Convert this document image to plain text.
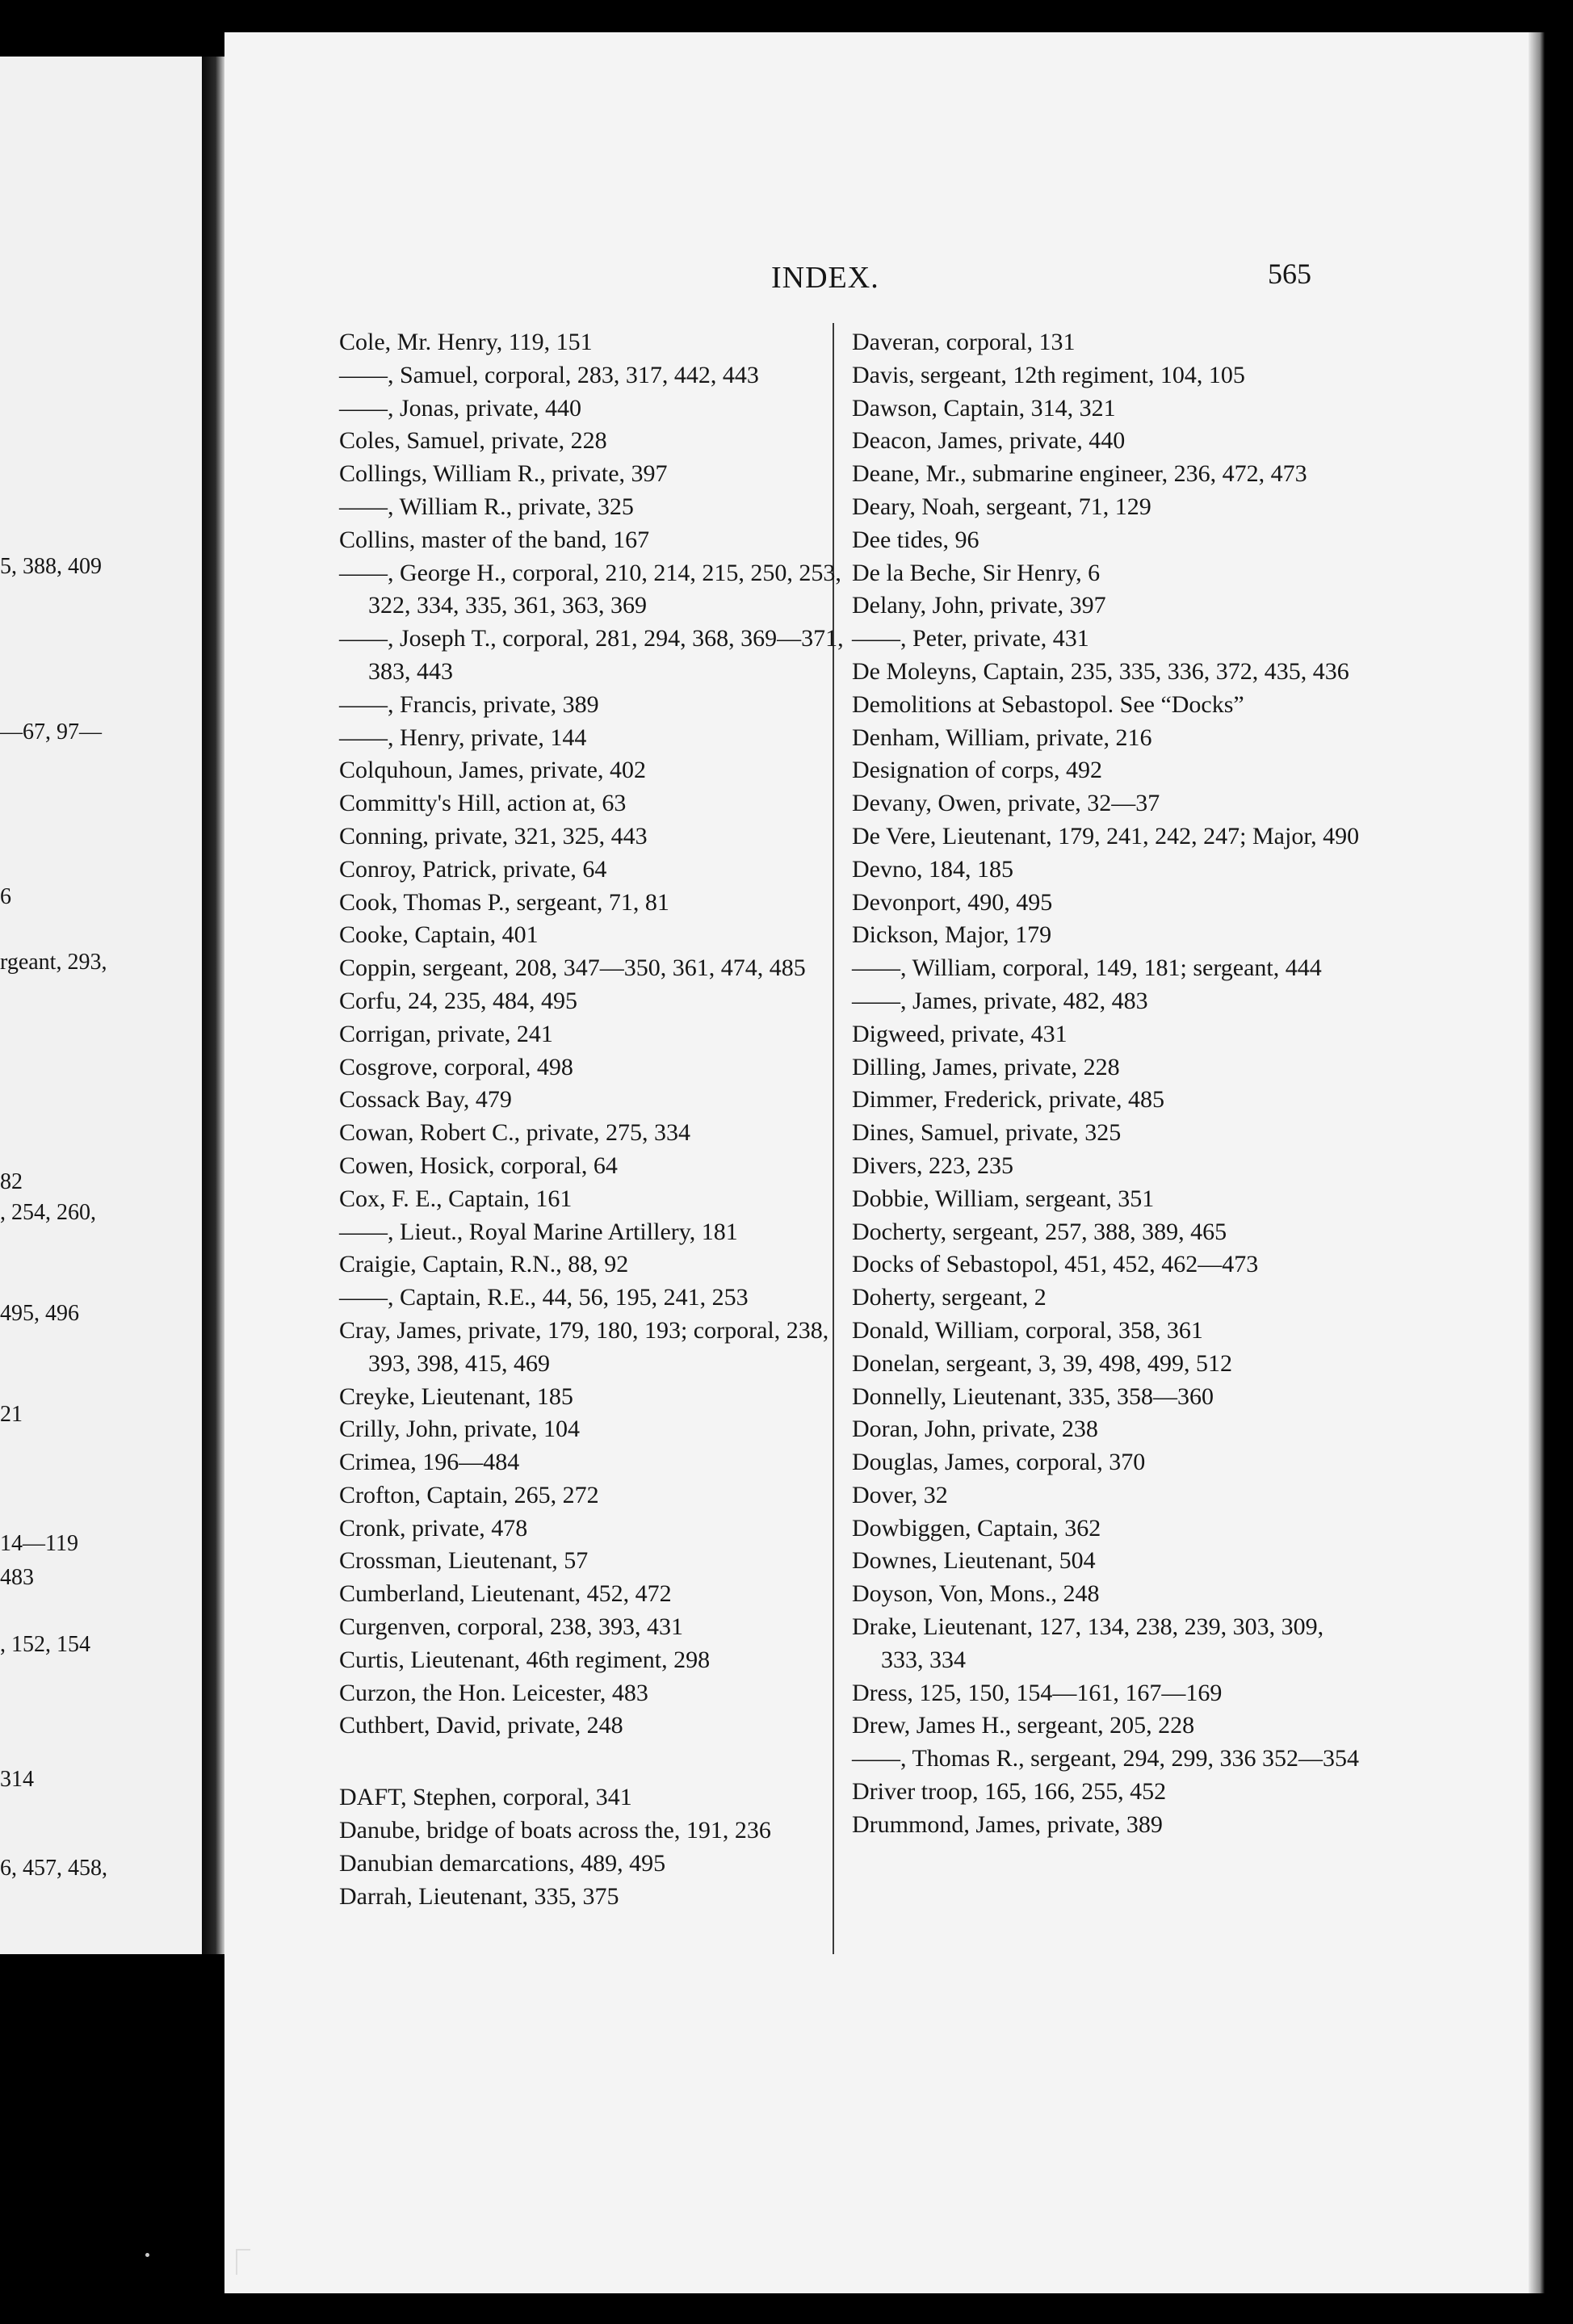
5, 388, 409
—67, 97—
6
rgeant, 293,
82
, 254, 260,
495, 496
21
14—119
483
, 152, 154
314
6, 457, 458,
INDEX.	565
Cole, Mr. Henry, 119, 151
——, Samuel, corporal, 283, 317, 442, 443
——, Jonas, private, 440
Coles, Samuel, private, 228
Collings, William R., private, 397
——, William R., private, 325
Collins, master of the band, 167
——, George H., corporal, 210, 214, 215, 250, 253, 322, 334, 335, 361, 363, 369
——, Joseph T., corporal, 281, 294, 368, 369—371, 383, 443
——, Francis, private, 389
——, Henry, private, 144
Colquhoun, James, private, 402
Committy's Hill, action at, 63
Conning, private, 321, 325, 443
Conroy, Patrick, private, 64
Cook, Thomas P., sergeant, 71, 81
Cooke, Captain, 401
Coppin, sergeant, 208, 347—350, 361, 474, 485
Corfu, 24, 235, 484, 495
Corrigan, private, 241
Cosgrove, corporal, 498
Cossack Bay, 479
Cowan, Robert C., private, 275, 334
Cowen, Hosick, corporal, 64
Cox, F. E., Captain, 161
——, Lieut., Royal Marine Artillery, 181
Craigie, Captain, R.N., 88, 92
——, Captain, R.E., 44, 56, 195, 241, 253
Cray, James, private, 179, 180, 193; corporal, 238, 393, 398, 415, 469
Creyke, Lieutenant, 185
Crilly, John, private, 104
Crimea, 196—484
Crofton, Captain, 265, 272
Cronk, private, 478
Crossman, Lieutenant, 57
Cumberland, Lieutenant, 452, 472
Curgenven, corporal, 238, 393, 431
Curtis, Lieutenant, 46th regiment, 298
Curzon, the Hon. Leicester, 483
Cuthbert, David, private, 248
DAFT, Stephen, corporal, 341
Danube, bridge of boats across the, 191, 236
Danubian demarcations, 489, 495
Darrah, Lieutenant, 335, 375
Daveran, corporal, 131
Davis, sergeant, 12th regiment, 104, 105
Dawson, Captain, 314, 321
Deacon, James, private, 440
Deane, Mr., submarine engineer, 236, 472, 473
Deary, Noah, sergeant, 71, 129
Dee tides, 96
De la Beche, Sir Henry, 6
Delany, John, private, 397
——, Peter, private, 431
De Moleyns, Captain, 235, 335, 336, 372, 435, 436
Demolitions at Sebastopol. See “Docks”
Denham, William, private, 216
Designation of corps, 492
Devany, Owen, private, 32—37
De Vere, Lieutenant, 179, 241, 242, 247; Major, 490
Devno, 184, 185
Devonport, 490, 495
Dickson, Major, 179
——, William, corporal, 149, 181; sergeant, 444
——, James, private, 482, 483
Digweed, private, 431
Dilling, James, private, 228
Dimmer, Frederick, private, 485
Dines, Samuel, private, 325
Divers, 223, 235
Dobbie, William, sergeant, 351
Docherty, sergeant, 257, 388, 389, 465
Docks of Sebastopol, 451, 452, 462—473
Doherty, sergeant, 2
Donald, William, corporal, 358, 361
Donelan, sergeant, 3, 39, 498, 499, 512
Donnelly, Lieutenant, 335, 358—360
Doran, John, private, 238
Douglas, James, corporal, 370
Dover, 32
Dowbiggen, Captain, 362
Downes, Lieutenant, 504
Doyson, Von, Mons., 248
Drake, Lieutenant, 127, 134, 238, 239, 303, 309, 333, 334
Dress, 125, 150, 154—161, 167—169
Drew, James H., sergeant, 205, 228
——, Thomas R., sergeant, 294, 299, 336 352—354
Driver troop, 165, 166, 255, 452
Drummond, James, private, 389
